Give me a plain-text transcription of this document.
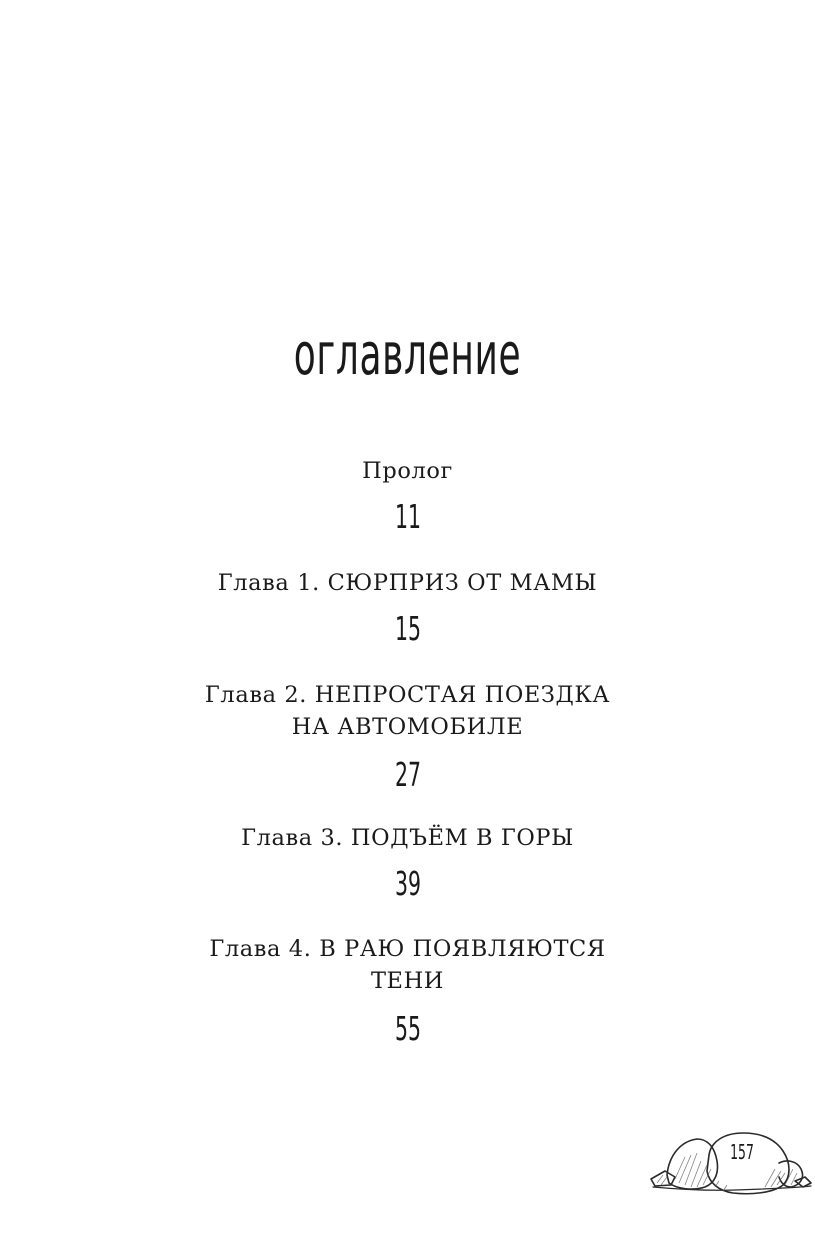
оглавление
Пролог
11
Глава 1. СЮРПРИЗ ОТ МАМЫ
15
Глава 2. НЕПРОСТАЯ ПОЕЗДКА
НА АВТОМОБИЛЕ
27
Глава 3. ПОДЪЁМ В ГОРЫ
39
Глава 4. В РАЮ ПОЯВЛЯЮТСЯ
ТЕНИ
55
157
